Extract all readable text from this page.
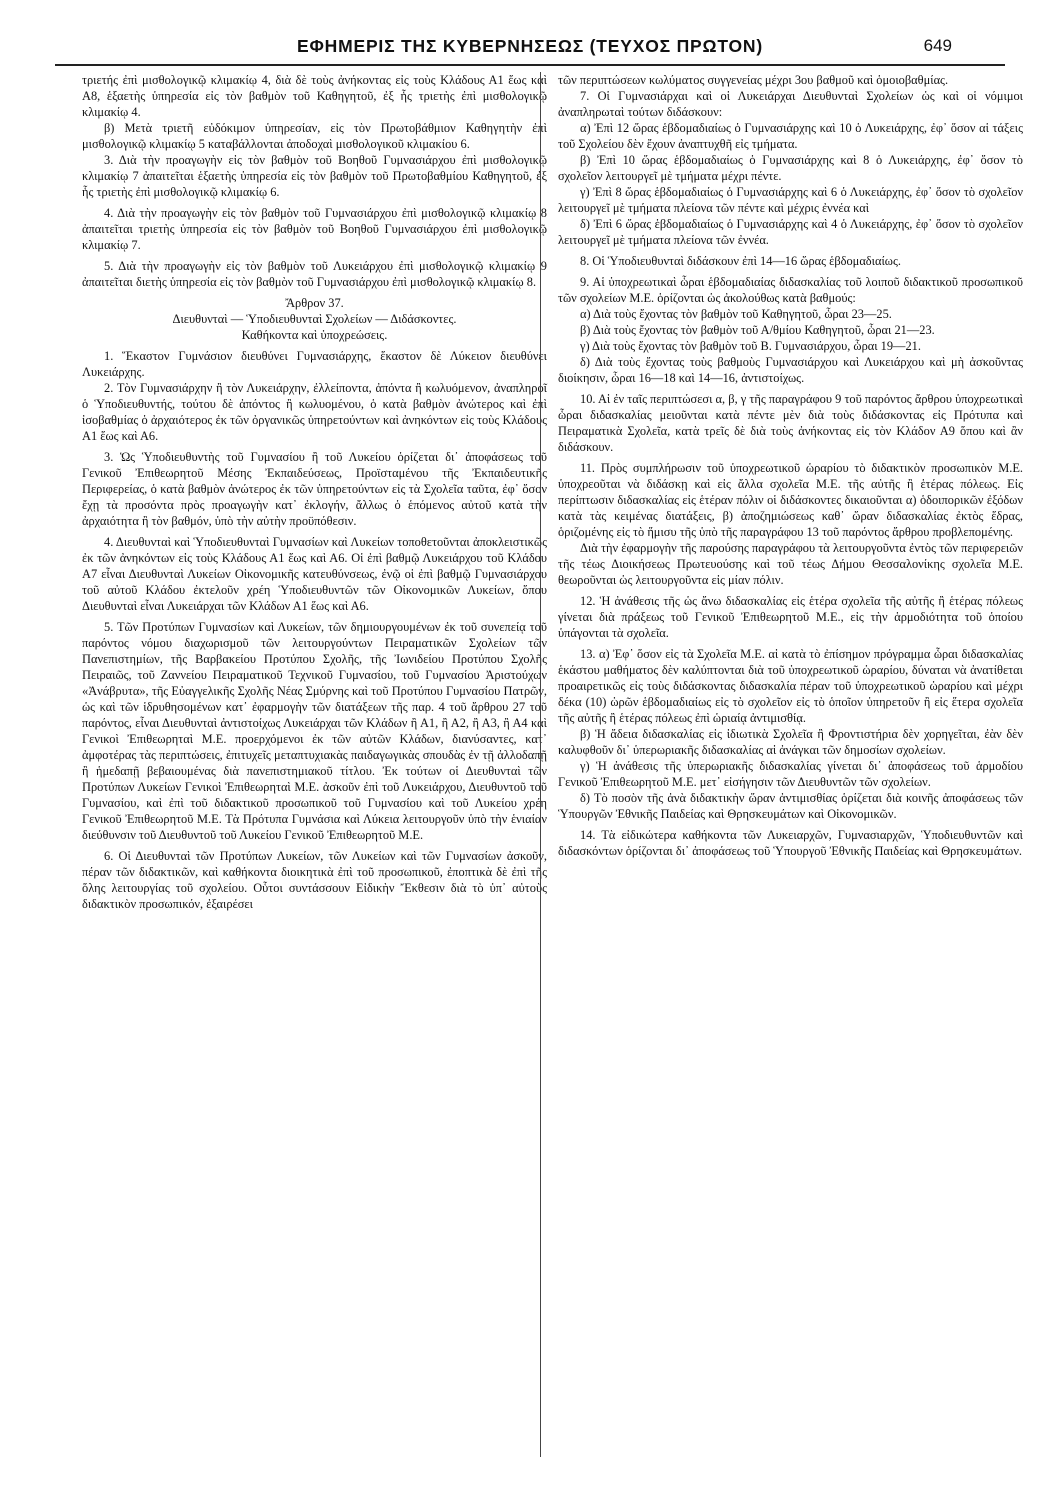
ΕΦΗΜΕΡΙΣ ΤΗΣ ΚΥΒΕΡΝΗΣΕΩΣ (ΤΕΥΧΟΣ ΠΡΩΤΟΝ)	649

τριετής ἐπὶ μισθολογικῷ κλιμακίῳ 4, διὰ δὲ τοὺς ἀνήκοντας εἰς τοὺς Κλάδους Α1 ἕως καὶ Α8, ἑξαετὴς ὑπηρεσία εἰς τὸν βαθμὸν τοῦ Καθηγητοῦ, ἐξ ἧς τριετὴς ἐπὶ μισθολογικῷ κλιμακίῳ 4.

β) Μετὰ τριετῆ εὐδόκιμον ὑπηρεσίαν, εἰς τὸν Πρωτοβάθμιον Καθηγητὴν ἐπὶ μισθολογικῷ κλιμακίῳ 5 καταβάλλονται ἀποδοχαὶ μισθολογικοῦ κλιμακίου 6.

3. Διὰ τὴν προαγωγὴν εἰς τὸν βαθμὸν τοῦ Βοηθοῦ Γυμνασιάρχου ἐπὶ μισθολογικῷ κλιμακίῳ 7 ἀπαιτεῖται ἑξαετὴς ὑπηρεσία εἰς τὸν βαθμὸν τοῦ Πρωτοβαθμίου Καθηγητοῦ, ἐξ ἧς τριετὴς ἐπὶ μισθολογικῷ κλιμακίῳ 6.

4. Διὰ τὴν προαγωγὴν εἰς τὸν βαθμὸν τοῦ Γυμνασιάρχου ἐπὶ μισθολογικῷ κλιμακίῳ 8 ἀπαιτεῖται τριετὴς ὑπηρεσία εἰς τὸν βαθμὸν τοῦ Βοηθοῦ Γυμνασιάρχου ἐπὶ μισθολογικῷ κλιμακίῳ 7.

5. Διὰ τὴν προαγωγὴν εἰς τὸν βαθμὸν τοῦ Λυκειάρχου ἐπὶ μισθολογικῷ κλιμακίῳ 9 ἀπαιτεῖται διετὴς ὑπηρεσία εἰς τὸν βαθμὸν τοῦ Γυμνασιάρχου ἐπὶ μισθολογικῷ κλιμακίῳ 8.

Ἄρθρον 37.

Διευθυνταὶ — Ὑποδιευθυνταὶ Σχολείων — Διδάσκοντες.

Καθήκοντα καὶ ὑποχρεώσεις.

1. Ἕκαστον Γυμνάσιον διευθύνει Γυμνασιάρχης, ἕκαστον δὲ Λύκειον διευθύνει Λυκειάρχης.

2. Τὸν Γυμνασιάρχην ἢ τὸν Λυκειάρχην, ἐλλείποντα, ἀπόντα ἢ κωλυόμενον, ἀναπληροῖ ὁ Ὑποδιευθυντής, τούτου δὲ ἀπόντος ἢ κωλυομένου, ὁ κατὰ βαθμὸν ἀνώτερος καὶ ἐπὶ ἰσοβαθμίας ὁ ἀρχαιότερος ἐκ τῶν ὀργανικῶς ὑπηρετούντων καὶ ἀνηκόντων εἰς τοὺς Κλάδους Α1 ἕως καὶ Α6.

3. Ὡς Ὑποδιευθυντὴς τοῦ Γυμνασίου ἢ τοῦ Λυκείου ὁρίζεται δι᾽ ἀποφάσεως τοῦ Γενικοῦ Ἐπιθεωρητοῦ Μέσης Ἐκπαιδεύσεως, Προϊσταμένου τῆς Ἐκπαιδευτικῆς Περιφερείας, ὁ κατὰ βαθμὸν ἀνώτερος ἐκ τῶν ὑπηρετούντων εἰς τὰ Σχολεῖα ταῦτα, ἐφ᾽ ὅσον ἔχῃ τὰ προσόντα πρὸς προαγωγὴν κατ᾽ ἐκλογήν, ἄλλως ὁ ἑπόμενος αὐτοῦ κατὰ τὴν ἀρχαιότητα ἢ τὸν βαθμόν, ὑπὸ τὴν αὐτὴν προϋπόθεσιν.

4. Διευθυνταὶ καὶ Ὑποδιευθυνταὶ Γυμνασίων καὶ Λυκείων τοποθετοῦνται ἀποκλειστικῶς ἐκ τῶν ἀνηκόντων εἰς τοὺς Κλάδους Α1 ἕως καὶ Α6. Οἱ ἐπὶ βαθμῷ Λυκειάρχου τοῦ Κλάδου Α7 εἶναι Διευθυνταὶ Λυκείων Οἰκονομικῆς κατευθύνσεως, ἐνῷ οἱ ἐπὶ βαθμῷ Γυμνασιάρχου τοῦ αὐτοῦ Κλάδου ἐκτελοῦν χρέη Ὑποδιευθυντῶν τῶν Οἰκονομικῶν Λυκείων, ὅπου Διευθυνταὶ εἶναι Λυκειάρχαι τῶν Κλάδων Α1 ἕως καὶ Α6.

5. Τῶν Προτύπων Γυμνασίων καὶ Λυκείων, τῶν δημιουργουμένων ἐκ τοῦ συνεπείᾳ τοῦ παρόντος νόμου διαχωρισμοῦ τῶν λειτουργούντων Πειραματικῶν Σχολείων τῶν Πανεπιστημίων, τῆς Βαρβακείου Προτύπου Σχολῆς, τῆς Ἰωνιδείου Προτύπου Σχολῆς Πειραιῶς, τοῦ Ζαννείου Πειραματικοῦ Τεχνικοῦ Γυμνασίου, τοῦ Γυμνασίου Ἀριστούχων «Ἀνάβρυτα», τῆς Εὐαγγελικῆς Σχολῆς Νέας Σμύρνης καὶ τοῦ Προτύπου Γυμνασίου Πατρῶν, ὡς καὶ τῶν ἱδρυθησομένων κατ᾽ ἐφαρμογὴν τῶν διατάξεων τῆς παρ. 4 τοῦ ἄρθρου 27 τοῦ παρόντος, εἶναι Διευθυνταὶ ἀντιστοίχως Λυκειάρχαι τῶν Κλάδων ἢ Α1, ἢ Α2, ἢ Α3, ἢ Α4 καὶ Γενικοὶ Ἐπιθεωρηταὶ Μ.Ε. προερχόμενοι ἐκ τῶν αὐτῶν Κλάδων, διανύσαντες, κατ᾽ ἀμφοτέρας τὰς περιπτώσεις, ἐπιτυχεῖς μεταπτυχιακὰς παιδαγωγικὰς σπουδὰς ἐν τῇ ἀλλοδαπῇ ἢ ἡμεδαπῇ βεβαιουμένας διὰ πανεπιστημιακοῦ τίτλου. Ἐκ τούτων οἱ Διευθυνταὶ τῶν Προτύπων Λυκείων Γενικοὶ Ἐπιθεωρηταὶ Μ.Ε. ἀσκοῦν ἐπὶ τοῦ Λυκειάρχου, Διευθυντοῦ τοῦ Γυμνασίου, καὶ ἐπὶ τοῦ διδακτικοῦ προσωπικοῦ τοῦ Γυμνασίου καὶ τοῦ Λυκείου χρέη Γενικοῦ Ἐπιθεωρητοῦ Μ.Ε. Τὰ Πρότυπα Γυμνάσια καὶ Λύκεια λειτουργοῦν ὑπὸ τὴν ἑνιαίαν διεύθυνσιν τοῦ Διευθυντοῦ τοῦ Λυκείου Γενικοῦ Ἐπιθεωρητοῦ Μ.Ε.

6. Οἱ Διευθυνταὶ τῶν Προτύπων Λυκείων, τῶν Λυκείων καὶ τῶν Γυμνασίων ἀσκοῦν, πέραν τῶν διδακτικῶν, καὶ καθήκοντα διοικητικὰ ἐπὶ τοῦ προσωπικοῦ, ἐποπτικὰ δὲ ἐπὶ τῆς ὅλης λειτουργίας τοῦ σχολείου. Οὗτοι συντάσσουν Εἰδικὴν Ἔκθεσιν διὰ τὸ ὑπ᾽ αὐτοὺς διδακτικὸν προσωπικόν, ἐξαιρέσει

τῶν περιπτώσεων κωλύματος συγγενείας μέχρι 3ου βαθμοῦ καὶ ὁμοιοβαθμίας.

7. Οἱ Γυμνασιάρχαι καὶ οἱ Λυκειάρχαι Διευθυνταὶ Σχολείων ὡς καὶ οἱ νόμιμοι ἀναπληρωταὶ τούτων διδάσκουν:

α) Ἐπὶ 12 ὥρας ἑβδομαδιαίως ὁ Γυμνασιάρχης καὶ 10 ὁ Λυκειάρχης, ἐφ᾽ ὅσον αἱ τάξεις τοῦ Σχολείου δὲν ἔχουν ἀναπτυχθῆ εἰς τμήματα.

β) Ἐπὶ 10 ὥρας ἑβδομαδιαίως ὁ Γυμνασιάρχης καὶ 8 ὁ Λυκειάρχης, ἐφ᾽ ὅσον τὸ σχολεῖον λειτουργεῖ μὲ τμήματα μέχρι πέντε.

γ) Ἐπὶ 8 ὥρας ἑβδομαδιαίως ὁ Γυμνασιάρχης καὶ 6 ὁ Λυκειάρχης, ἐφ᾽ ὅσον τὸ σχολεῖον λειτουργεῖ μὲ τμήματα πλείονα τῶν πέντε καὶ μέχρις ἐννέα καὶ

δ) Ἐπὶ 6 ὥρας ἑβδομαδιαίως ὁ Γυμνασιάρχης καὶ 4 ὁ Λυκειάρχης, ἐφ᾽ ὅσον τὸ σχολεῖον λειτουργεῖ μὲ τμήματα πλείονα τῶν ἐννέα.

8. Οἱ Ὑποδιευθυνταὶ διδάσκουν ἐπὶ 14—16 ὥρας ἑβδομαδιαίως.

9. Αἱ ὑποχρεωτικαὶ ὧραι ἑβδομαδιαίας διδασκαλίας τοῦ λοιποῦ διδακτικοῦ προσωπικοῦ τῶν σχολείων Μ.Ε. ὁρίζονται ὡς ἀκολούθως κατὰ βαθμούς:

α) Διὰ τοὺς ἔχοντας τὸν βαθμὸν τοῦ Καθηγητοῦ, ὧραι 23—25.

β) Διὰ τοὺς ἔχοντας τὸν βαθμὸν τοῦ Α/θμίου Καθηγητοῦ, ὧραι 21—23.

γ) Διὰ τοὺς ἔχοντας τὸν βαθμὸν τοῦ Β. Γυμνασιάρχου, ὧραι 19—21.

δ) Διὰ τοὺς ἔχοντας τοὺς βαθμοὺς Γυμνασιάρχου καὶ Λυκειάρχου καὶ μὴ ἀσκοῦντας διοίκησιν, ὧραι 16—18 καὶ 14—16, ἀντιστοίχως.

10. Αἱ ἐν ταῖς περιπτώσεσι α, β, γ τῆς παραγράφου 9 τοῦ παρόντος ἄρθρου ὑποχρεωτικαὶ ὧραι διδασκαλίας μειοῦνται κατὰ πέντε μὲν διὰ τοὺς διδάσκοντας εἰς Πρότυπα καὶ Πειραματικὰ Σχολεῖα, κατὰ τρεῖς δὲ διὰ τοὺς ἀνήκοντας εἰς τὸν Κλάδον Α9 ὅπου καὶ ἂν διδάσκουν.

11. Πρὸς συμπλήρωσιν τοῦ ὑποχρεωτικοῦ ὡραρίου τὸ διδακτικὸν προσωπικὸν Μ.Ε. ὑποχρεοῦται νὰ διδάσκῃ καὶ εἰς ἄλλα σχολεῖα Μ.Ε. τῆς αὐτῆς ἢ ἑτέρας πόλεως. Εἰς περίπτωσιν διδασκαλίας εἰς ἑτέραν πόλιν οἱ διδάσκοντες δικαιοῦνται α) ὁδοιπορικῶν ἐξόδων κατὰ τὰς κειμένας διατάξεις, β) ἀποζημιώσεως καθ᾽ ὥραν διδασκαλίας ἐκτὸς ἕδρας, ὁριζομένης εἰς τὸ ἥμισυ τῆς ὑπὸ τῆς παραγράφου 13 τοῦ παρόντος ἄρθρου προβλεπομένης.

Διὰ τὴν ἐφαρμογὴν τῆς παρούσης παραγράφου τὰ λειτουργοῦντα ἐντὸς τῶν περιφερειῶν τῆς τέως Διοικήσεως Πρωτευούσης καὶ τοῦ τέως Δήμου Θεσσαλονίκης σχολεῖα Μ.Ε. θεωροῦνται ὡς λειτουργοῦντα εἰς μίαν πόλιν.

12. Ἡ ἀνάθεσις τῆς ὡς ἄνω διδασκαλίας εἰς ἑτέρα σχολεῖα τῆς αὐτῆς ἢ ἑτέρας πόλεως γίνεται διὰ πράξεως τοῦ Γενικοῦ Ἐπιθεωρητοῦ Μ.Ε., εἰς τὴν ἁρμοδιότητα τοῦ ὁποίου ὑπάγονται τὰ σχολεῖα.

13. α) Ἐφ᾽ ὅσον εἰς τὰ Σχολεῖα Μ.Ε. αἱ κατὰ τὸ ἐπίσημον πρόγραμμα ὧραι διδασκαλίας ἑκάστου μαθήματος δὲν καλύπτονται διὰ τοῦ ὑποχρεωτικοῦ ὡραρίου, δύναται νὰ ἀνατίθεται προαιρετικῶς εἰς τοὺς διδάσκοντας διδασκαλία πέραν τοῦ ὑποχρεωτικοῦ ὡραρίου καὶ μέχρι δέκα (10) ὡρῶν ἑβδομαδιαίως εἰς τὸ σχολεῖον εἰς τὸ ὁποῖον ὑπηρετοῦν ἢ εἰς ἕτερα σχολεῖα τῆς αὐτῆς ἢ ἑτέρας πόλεως ἐπὶ ὡριαίᾳ ἀντιμισθίᾳ.

β) Ἡ ἄδεια διδασκαλίας εἰς ἰδιωτικὰ Σχολεῖα ἢ Φροντιστήρια δὲν χορηγεῖται, ἐὰν δὲν καλυφθοῦν δι᾽ ὑπερωριακῆς διδασκαλίας αἱ ἀνάγκαι τῶν δημοσίων σχολείων.

γ) Ἡ ἀνάθεσις τῆς ὑπερωριακῆς διδασκαλίας γίνεται δι᾽ ἀποφάσεως τοῦ ἁρμοδίου Γενικοῦ Ἐπιθεωρητοῦ Μ.Ε. μετ᾽ εἰσήγησιν τῶν Διευθυντῶν τῶν σχολείων.

δ) Τὸ ποσὸν τῆς ἀνὰ διδακτικὴν ὥραν ἀντιμισθίας ὁρίζεται διὰ κοινῆς ἀποφάσεως τῶν Ὑπουργῶν Ἐθνικῆς Παιδείας καὶ Θρησκευμάτων καὶ Οἰκονομικῶν.

14. Τὰ εἰδικώτερα καθήκοντα τῶν Λυκειαρχῶν, Γυμνασιαρχῶν, Ὑποδιευθυντῶν καὶ διδασκόντων ὁρίζονται δι᾽ ἀποφάσεως τοῦ Ὑπουργοῦ Ἐθνικῆς Παιδείας καὶ Θρησκευμάτων.
